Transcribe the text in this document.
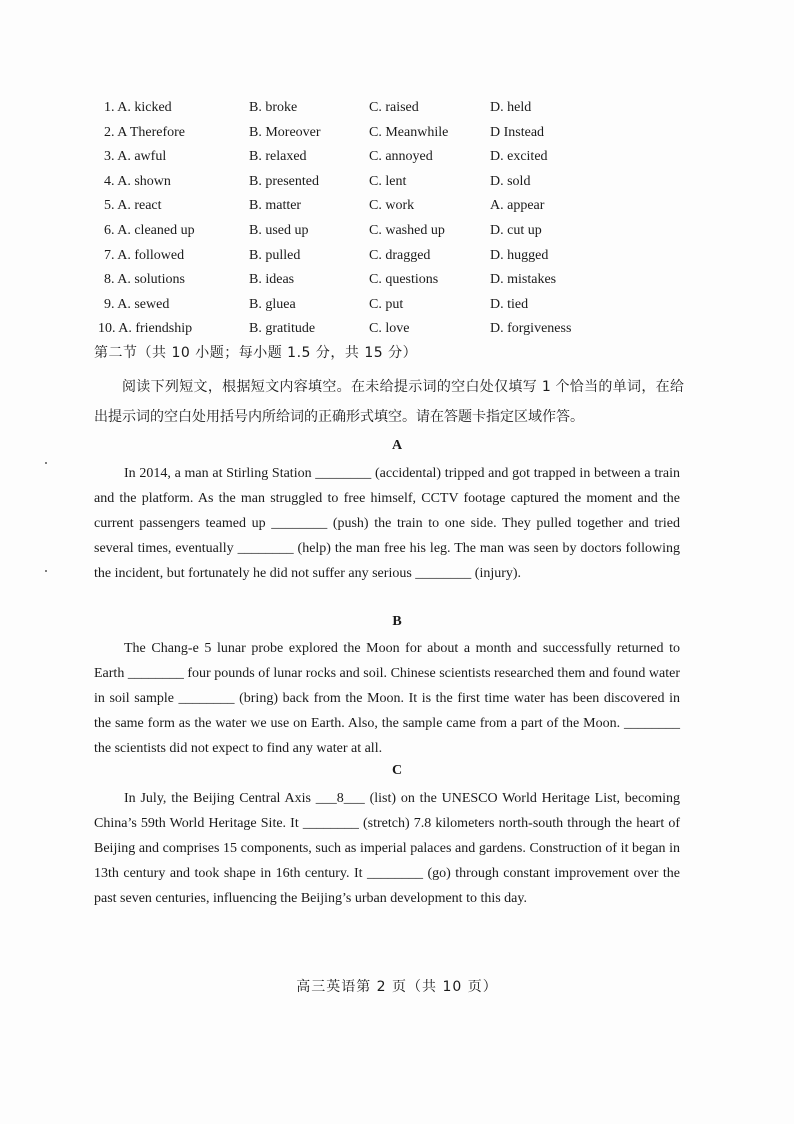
1. A. kicked	B. broke	C. raised	D. held
2. A Therefore	B. Moreover	C. Meanwhile	D Instead
3. A. awful	B. relaxed	C. annoyed	D. excited
4. A. shown	B. presented	C. lent	D. sold
5. A. react	B. matter	C. work	A. appear
6. A. cleaned up	B. used up	C. washed up	D. cut up
7. A. followed	B. pulled	C. dragged	D. hugged
8. A. solutions	B. ideas	C. questions	D. mistakes
9. A. sewed	B. gluea	C. put	D. tied
10. A. friendship	B. gratitude	C. love	D. forgiveness
第二节（共 10 小题；每小题 1.5 分，共 15 分）
阅读下列短文，根据短文内容填空。在未给提示词的空白处仅填写 1 个恰当的单词，在给出提示词的空白处用括号内所给词的正确形式填空。请在答题卡指定区域作答。
A
In 2014, a man at Stirling Station ________ (accidental) tripped and got trapped in between a train and the platform. As the man struggled to free himself, CCTV footage captured the moment and the current passengers teamed up ________ (push) the train to one side. They pulled together and tried several times, eventually ________ (help) the man free his leg. The man was seen by doctors following the incident, but fortunately he did not suffer any serious ________ (injury).
B
The Chang-e 5 lunar probe explored the Moon for about a month and successfully returned to Earth ________ four pounds of lunar rocks and soil. Chinese scientists researched them and found water in soil sample ________ (bring) back from the Moon. It is the first time water has been discovered in the same form as the water we use on Earth. Also, the sample came from a part of the Moon. ________ the scientists did not expect to find any water at all.
C
In July, the Beijing Central Axis ___8___ (list) on the UNESCO World Heritage List, becoming China’s 59th World Heritage Site. It ________ (stretch) 7.8 kilometers north-south through the heart of Beijing and comprises 15 components, such as imperial palaces and gardens. Construction of it began in 13th century and took shape in 16th century. It ________ (go) through constant improvement over the past seven centuries, influencing the Beijing’s urban development to this day.
高三英语第 2 页（共 10 页）
